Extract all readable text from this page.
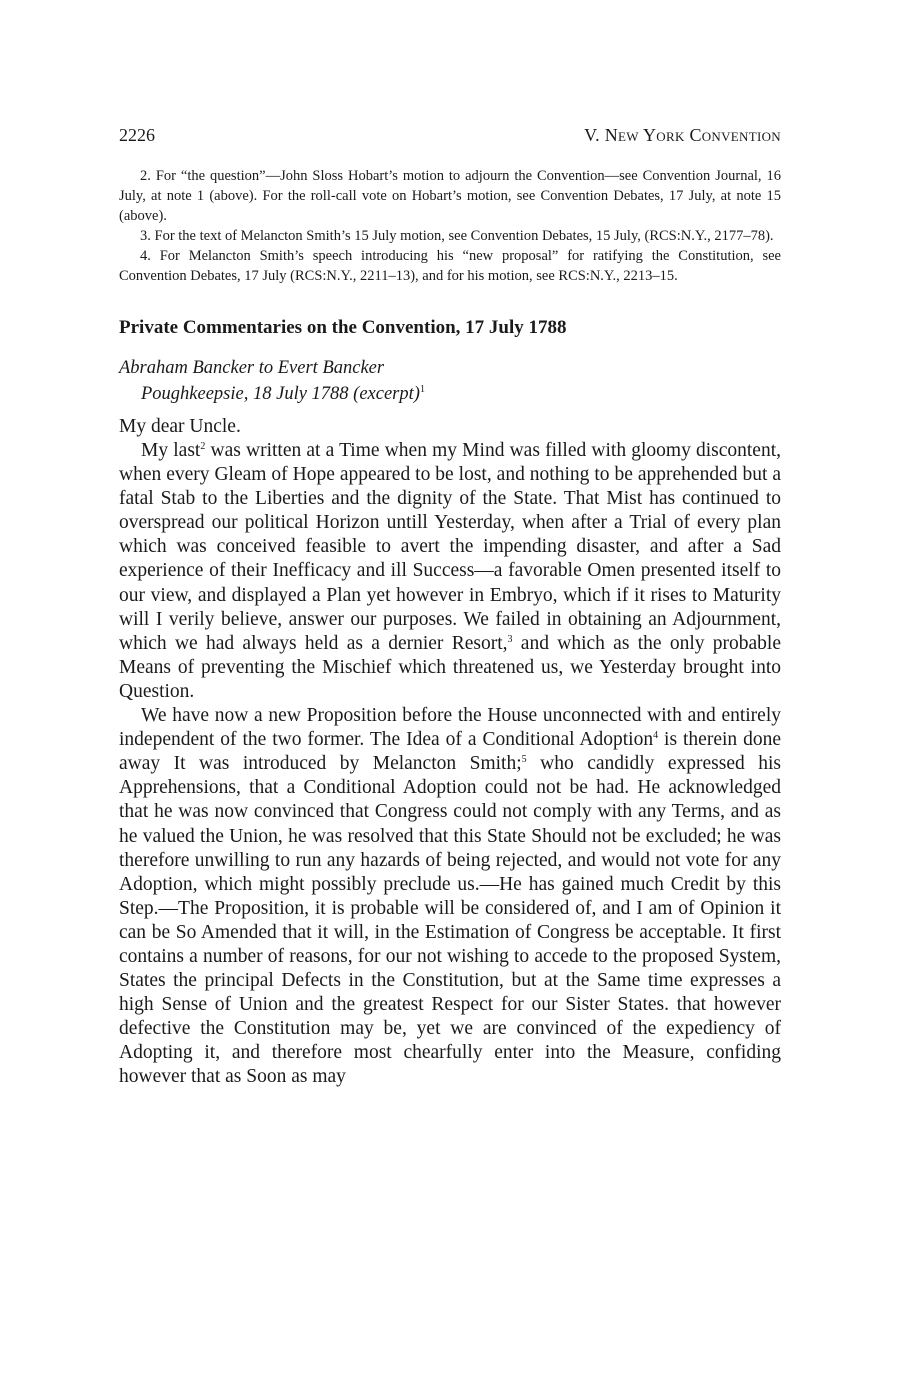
2226	V. New York Convention

2. For “the question”—John Sloss Hobart’s motion to adjourn the Convention—see Convention Journal, 16 July, at note 1 (above). For the roll-call vote on Hobart’s motion, see Convention Debates, 17 July, at note 15 (above).

3. For the text of Melancton Smith’s 15 July motion, see Convention Debates, 15 July, (RCS:N.Y., 2177–78).

4. For Melancton Smith’s speech introducing his “new proposal” for ratifying the Constitution, see Convention Debates, 17 July (RCS:N.Y., 2211–13), and for his motion, see RCS:N.Y., 2213–15.

Private Commentaries on the Convention, 17 July 1788

Abraham Bancker to Evert Bancker

Poughkeepsie, 18 July 1788 (excerpt)$^1$

My dear Uncle.

My last$^2$ was written at a Time when my Mind was filled with gloomy discontent, when every Gleam of Hope appeared to be lost, and nothing to be apprehended but a fatal Stab to the Liberties and the dignity of the State. That Mist has continued to overspread our political Horizon untill Yesterday, when after a Trial of every plan which was conceived feasible to avert the impending disaster, and after a Sad experience of their Inefficacy and ill Success—a favorable Omen presented itself to our view, and displayed a Plan yet however in Embryo, which if it rises to Maturity will I verily believe, answer our purposes. We failed in obtaining an Adjournment, which we had always held as a dernier Resort,$^3$ and which as the only probable Means of preventing the Mischief which threatened us, we Yesterday brought into Question.

We have now a new Proposition before the House unconnected with and entirely independent of the two former. The Idea of a Conditional Adoption$^4$ is therein done away It was introduced by Melancton Smith;$^5$ who candidly expressed his Apprehensions, that a Conditional Adoption could not be had. He acknowledged that he was now convinced that Congress could not comply with any Terms, and as he valued the Union, he was resolved that this State Should not be excluded; he was therefore unwilling to run any hazards of being rejected, and would not vote for any Adoption, which might possibly preclude us.—He has gained much Credit by this Step.—The Proposition, it is probable will be considered of, and I am of Opinion it can be So Amended that it will, in the Estimation of Congress be acceptable. It first contains a number of reasons, for our not wishing to accede to the proposed System, States the principal Defects in the Constitution, but at the Same time expresses a high Sense of Union and the greatest Respect for our Sister States. that however defective the Constitution may be, yet we are convinced of the expediency of Adopting it, and therefore most chearfully enter into the Measure, confiding however that as Soon as may
